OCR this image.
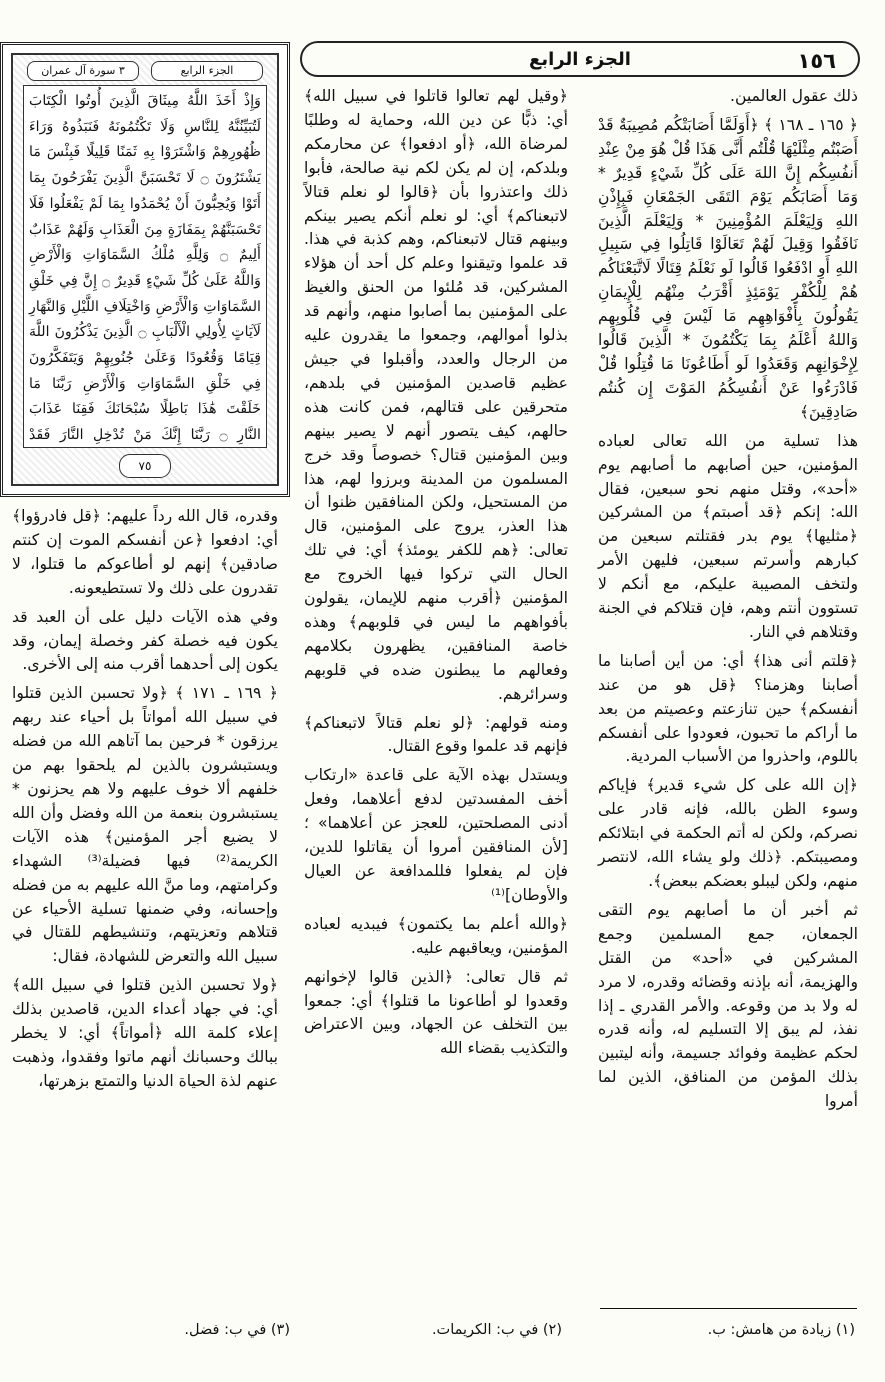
١٥٦
الجزء الرابع
٣ سورة آل عمران	الجزء الرابع
وَإِذْ أَخَذَ اللَّهُ مِيثَاقَ الَّذِينَ أُوتُوا الْكِتَابَ لَتُبَيِّنُنَّهُ لِلنَّاسِ وَلَا تَكْتُمُونَهُ فَنَبَذُوهُ وَرَاءَ ظُهُورِهِمْ وَاشْتَرَوْا بِهِ ثَمَنًا قَلِيلًا فَبِئْسَ مَا يَشْتَرُونَ ۝ لَا تَحْسَبَنَّ الَّذِينَ يَفْرَحُونَ بِمَا أَتَوْا وَيُحِبُّونَ أَنْ يُحْمَدُوا بِمَا لَمْ يَفْعَلُوا فَلَا تَحْسَبَنَّهُمْ بِمَفَازَةٍ مِنَ الْعَذَابِ وَلَهُمْ عَذَابٌ أَلِيمٌ ۝ وَلِلَّهِ مُلْكُ السَّمَاوَاتِ وَالْأَرْضِ وَاللَّهُ عَلَىٰ كُلِّ شَيْءٍ قَدِيرٌ ۝ إِنَّ فِي خَلْقِ السَّمَاوَاتِ وَالْأَرْضِ وَاخْتِلَافِ اللَّيْلِ وَالنَّهَارِ لَآيَاتٍ لِأُولِي الْأَلْبَابِ ۝ الَّذِينَ يَذْكُرُونَ اللَّهَ قِيَامًا وَقُعُودًا وَعَلَىٰ جُنُوبِهِمْ وَيَتَفَكَّرُونَ فِي خَلْقِ السَّمَاوَاتِ وَالْأَرْضِ رَبَّنَا مَا خَلَقْتَ هَٰذَا بَاطِلًا سُبْحَانَكَ فَقِنَا عَذَابَ النَّارِ ۝ رَبَّنَا إِنَّكَ مَنْ تُدْخِلِ النَّارَ فَقَدْ
٧٥

ذلك عقول العالمين.

﴿ ١٦٥ ـ ١٦٨ ﴾ ﴿أَوَلَمَّا أَصَابَتْكُم مُصِيبَةٌ قَدْ أَصَبْتُم مِثْلَيْهَا قُلْتُم أَنَّى هَذَا قُلْ هُوَ مِنْ عِنْدِ أَنفُسِكُم إِنَّ اللهَ عَلَى كُلِّ شَيْءٍ قَدِيرٌ * وَمَا أَصَابَكُم يَوْمَ التَقَى الجَمْعَانِ فَبِإِذْنِ اللهِ وَلِيَعْلَمَ المُؤْمِنِينَ * وَلِيَعْلَمَ الَّذِينَ نَافَقُوا وَقِيلَ لَهُمْ تَعَالَوْا قَاتِلُوا فِي سَبِيلِ اللهِ أَوِ ادْفَعُوا قَالُوا لَو نَعْلَمُ قِتَالًا لَاتَّبَعْنَاكُم هُمْ لِلْكُفْرِ يَوْمَئِذٍ أَقْرَبُ مِنْهُم لِلْإِيمَانِ يَقُولُونَ بِأَفْوَاهِهِم مَا لَيْسَ فِي قُلُوبِهِم وَاللهُ أَعْلَمُ بِمَا يَكْتُمُونَ * الَّذِينَ قَالُوا لِإِخْوَانِهِم وَقَعَدُوا لَو أَطَاعُونَا مَا قُتِلُوا قُلْ فَادْرَءُوا عَنْ أَنفُسِكُمُ المَوْتَ إِن كُنتُم صَادِقِينَ﴾

هذا تسلية من الله تعالى لعباده المؤمنين، حين أصابهم ما أصابهم يوم «أحد»، وقتل منهم نحو سبعين، فقال الله: إنكم ﴿قد أصبتم﴾ من المشركين ﴿مثليها﴾ يوم بدر فقتلتم سبعين من كبارهم وأسرتم سبعين، فليهن الأمر ولتخف المصيبة عليكم، مع أنكم لا تستوون أنتم وهم، فإن قتلاكم في الجنة وقتلاهم في النار.

﴿قلتم أنى هذا﴾ أي: من أين أصابنا ما أصابنا وهزمنا؟ ﴿قل هو من عند أنفسكم﴾ حين تنازعتم وعصيتم من بعد ما أراكم ما تحبون، فعودوا على أنفسكم باللوم، واحذروا من الأسباب المردية.

﴿إن الله على كل شيء قدير﴾ فإياكم وسوء الظن بالله، فإنه قادر على نصركم، ولكن له أتم الحكمة في ابتلائكم ومصيبتكم. ﴿ذلك ولو يشاء الله، لانتصر منهم، ولكن ليبلو بعضكم ببعض﴾.

ثم أخبر أن ما أصابهم يوم التقى الجمعان، جمع المسلمين وجمع المشركين في «أحد» من القتل والهزيمة، أنه بإذنه وقضائه وقدره، لا مرد له ولا بد من وقوعه. والأمر القدري ـ إذا نفذ، لم يبق إلا التسليم له، وأنه قدره لحكم عظيمة وفوائد جسيمة، وأنه ليتبين بذلك المؤمن من المنافق، الذين لما أمروا

﴿وقيل لهم تعالوا قاتلوا في سبيل الله﴾ أي: ذبًّا عن دين الله، وحماية له وطلبًا لمرضاة الله، ﴿أو ادفعوا﴾ عن محارمكم وبلدكم، إن لم يكن لكم نية صالحة، فأبوا ذلك واعتذروا بأن ﴿قالوا لو نعلم قتالاً لاتبعناكم﴾ أي: لو نعلم أنكم يصير بينكم وبينهم قتال لاتبعناكم، وهم كذبة في هذا. قد علموا وتيقنوا وعلم كل أحد أن هؤلاء المشركين، قد مُلئوا من الحنق والغيظ على المؤمنين بما أصابوا منهم، وأنهم قد بذلوا أموالهم، وجمعوا ما يقدرون عليه من الرجال والعدد، وأقبلوا في جيش عظيم قاصدين المؤمنين في بلدهم، متحرقين على قتالهم، فمن كانت هذه حالهم، كيف يتصور أنهم لا يصير بينهم وبين المؤمنين قتال؟ خصوصاً وقد خرج المسلمون من المدينة وبرزوا لهم، هذا من المستحيل، ولكن المنافقين ظنوا أن هذا العذر، يروج على المؤمنين، قال تعالى: ﴿هم للكفر يومئذ﴾ أي: في تلك الحال التي تركوا فيها الخروج مع المؤمنين ﴿أقرب منهم للإيمان، يقولون بأفواههم ما ليس في قلوبهم﴾ وهذه خاصة المنافقين، يظهرون بكلامهم وفعالهم ما يبطنون ضده في قلوبهم وسرائرهم.

ومنه قولهم: ﴿لو نعلم قتالاً لاتبعناكم﴾ فإنهم قد علموا وقوع القتال.

ويستدل بهذه الآية على قاعدة «ارتكاب أخف المفسدتين لدفع أعلاهما، وفعل أدنى المصلحتين، للعجز عن أعلاهما» ؛ [لأن المنافقين أمروا أن يقاتلوا للدين، فإن لم يفعلوا فللمدافعة عن العيال والأوطان]⁽¹⁾

﴿والله أعلم بما يكتمون﴾ فيبديه لعباده المؤمنين، ويعاقبهم عليه.

ثم قال تعالى: ﴿الذين قالوا لإخوانهم وقعدوا لو أطاعونا ما قتلوا﴾ أي: جمعوا بين التخلف عن الجهاد، وبين الاعتراض والتكذيب بقضاء الله

وقدره، قال الله رداً عليهم: ﴿قل فادرؤوا﴾ أي: ادفعوا ﴿عن أنفسكم الموت إن كنتم صادقين﴾ إنهم لو أطاعوكم ما قتلوا، لا تقدرون على ذلك ولا تستطيعونه.

وفي هذه الآيات دليل على أن العبد قد يكون فيه خصلة كفر وخصلة إيمان، وقد يكون إلى أحدهما أقرب منه إلى الأخرى.

﴿ ١٦٩ ـ ١٧١ ﴾ ﴿ولا تحسبن الذين قتلوا في سبيل الله أمواتاً بل أحياء عند ربهم يرزقون * فرحين بما آتاهم الله من فضله ويستبشرون بالذين لم يلحقوا بهم من خلفهم ألا خوف عليهم ولا هم يحزنون * يستبشرون بنعمة من الله وفضل وأن الله لا يضيع أجر المؤمنين﴾ هذه الآيات الكريمة⁽²⁾ فيها فضيلة⁽³⁾ الشهداء وكرامتهم، وما منَّ الله عليهم به من فضله وإحسانه، وفي ضمنها تسلية الأحياء عن قتلاهم وتعزيتهم، وتنشيطهم للقتال في سبيل الله والتعرض للشهادة، فقال:

﴿ولا تحسبن الذين قتلوا في سبيل الله﴾ أي: في جهاد أعداء الدين، قاصدين بذلك إعلاء كلمة الله ﴿أمواتاً﴾ أي: لا يخطر ببالك وحسبانك أنهم ماتوا وفقدوا، وذهبت عنهم لذة الحياة الدنيا والتمتع بزهرتها،

(١) زيادة من هامش: ب.
(٢) في ب: الكريمات.
(٣) في ب: فضل.
